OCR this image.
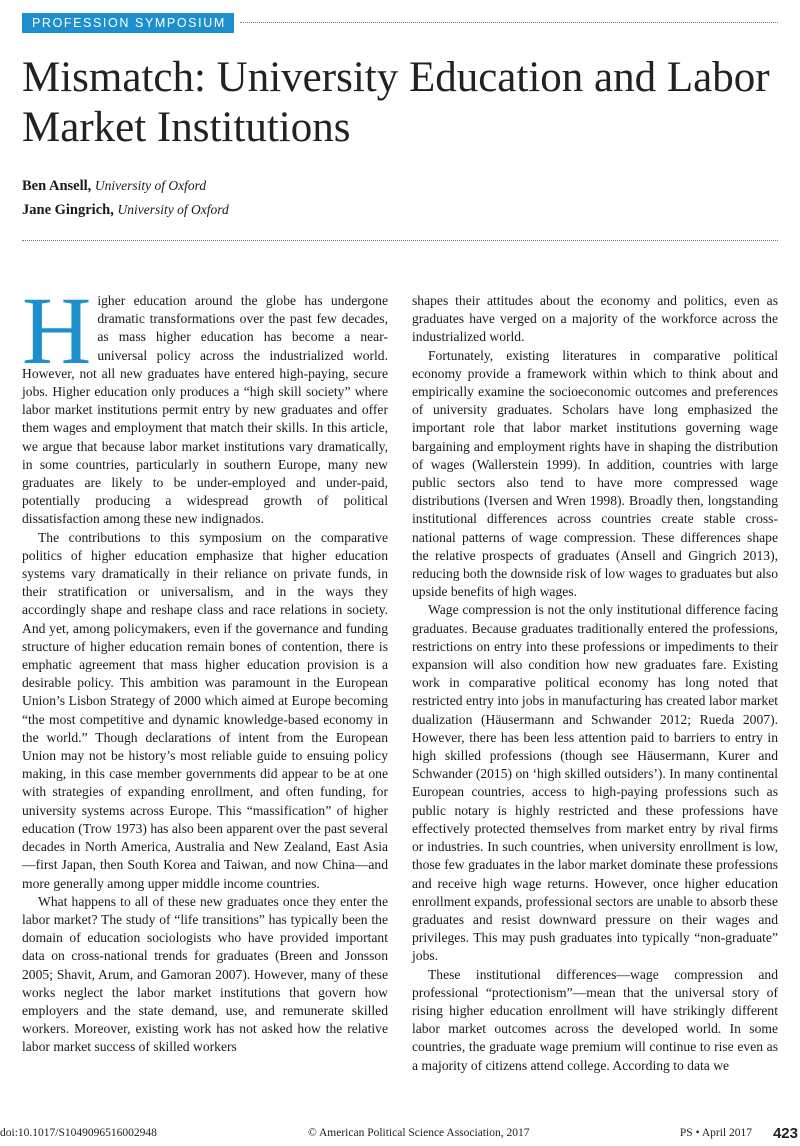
PROFESSION SYMPOSIUM
Mismatch: University Education and Labor Market Institutions
Ben Ansell, University of Oxford
Jane Gingrich, University of Oxford

Higher education around the globe has undergone dramatic transformations over the past few decades, as mass higher education has become a near-universal policy across the industrialized world. However, not all new graduates have entered high-paying, secure jobs. Higher education only produces a “high skill society” where labor market institutions permit entry by new graduates and offer them wages and employment that match their skills. In this article, we argue that because labor market institutions vary dramatically, in some countries, particularly in southern Europe, many new graduates are likely to be under-employed and under-paid, potentially producing a widespread growth of political dissatisfaction among these new indignados.

The contributions to this symposium on the comparative politics of higher education emphasize that higher education systems vary dramatically in their reliance on private funds, in their stratification or universalism, and in the ways they accordingly shape and reshape class and race relations in society. And yet, among policymakers, even if the governance and funding structure of higher education remain bones of contention, there is emphatic agreement that mass higher education provision is a desirable policy. This ambition was paramount in the European Union’s Lisbon Strategy of 2000 which aimed at Europe becoming “the most competitive and dynamic knowledge-based economy in the world.” Though declarations of intent from the European Union may not be history’s most reliable guide to ensuing policy making, in this case member governments did appear to be at one with strategies of expanding enrollment, and often funding, for university systems across Europe. This “massification” of higher education (Trow 1973) has also been apparent over the past several decades in North America, Australia and New Zealand, East Asia—first Japan, then South Korea and Taiwan, and now China—and more generally among upper middle income countries.

What happens to all of these new graduates once they enter the labor market? The study of “life transitions” has typically been the domain of education sociologists who have provided important data on cross-national trends for graduates (Breen and Jonsson 2005; Shavit, Arum, and Gamoran 2007). However, many of these works neglect the labor market institutions that govern how employers and the state demand, use, and remunerate skilled workers. Moreover, existing work has not asked how the relative labor market success of skilled workers

shapes their attitudes about the economy and politics, even as graduates have verged on a majority of the workforce across the industrialized world.

Fortunately, existing literatures in comparative political economy provide a framework within which to think about and empirically examine the socioeconomic outcomes and preferences of university graduates. Scholars have long emphasized the important role that labor market institutions governing wage bargaining and employment rights have in shaping the distribution of wages (Wallerstein 1999). In addition, countries with large public sectors also tend to have more compressed wage distributions (Iversen and Wren 1998). Broadly then, longstanding institutional differences across countries create stable cross-national patterns of wage compression. These differences shape the relative prospects of graduates (Ansell and Gingrich 2013), reducing both the downside risk of low wages to graduates but also upside benefits of high wages.

Wage compression is not the only institutional difference facing graduates. Because graduates traditionally entered the professions, restrictions on entry into these professions or impediments to their expansion will also condition how new graduates fare. Existing work in comparative political economy has long noted that restricted entry into jobs in manufacturing has created labor market dualization (Häusermann and Schwander 2012; Rueda 2007). However, there has been less attention paid to barriers to entry in high skilled professions (though see Häusermann, Kurer and Schwander (2015) on ‘high skilled outsiders’). In many continental European countries, access to high-paying professions such as public notary is highly restricted and these professions have effectively protected themselves from market entry by rival firms or industries. In such countries, when university enrollment is low, those few graduates in the labor market dominate these professions and receive high wage returns. However, once higher education enrollment expands, professional sectors are unable to absorb these graduates and resist downward pressure on their wages and privileges. This may push graduates into typically “non-graduate” jobs.

These institutional differences—wage compression and professional “protectionism”—mean that the universal story of rising higher education enrollment will have strikingly different labor market outcomes across the developed world. In some countries, the graduate wage premium will continue to rise even as a majority of citizens attend college. According to data we

doi:10.1017/S1049096516002948	© American Political Science Association, 2017	PS • April 2017 423
